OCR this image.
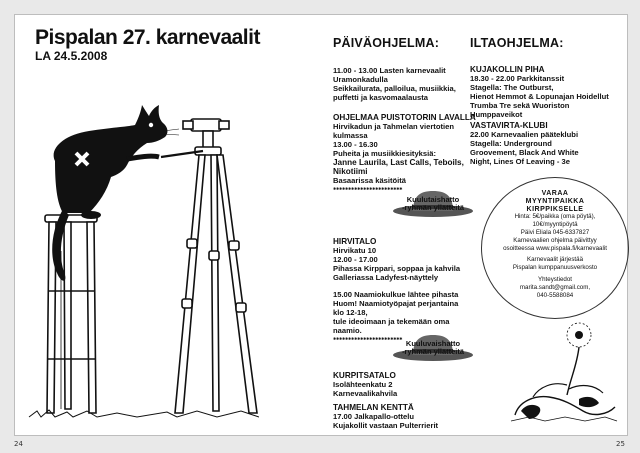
Pispalan 27. karnevaalit
LA 24.5.2008
PÄIVÄOHJELMA: ILTAOHJELMA:
11.00 - 13.00 Lasten karnevaalit
Uramonkadulla
Seikkailurata, palloilua, musiikkia,
puffetti ja kasvomaalausta
OHJELMAA PUISTOTORIN LAVALLA
Hirvikadun ja Tahmelan viertotien
kulmassa
13.00 - 16.30
Puheita ja musiikkiesityksiä:
Janne Laurila, Last Calls, Teboils,
Nikotiimi
Basaarissa käsitöitä
✱✱✱✱✱✱✱✱✱✱✱✱✱✱✱✱✱✱✱✱✱✱✱
Kuulutaishatto
-ryhmän yllätteitä
HIRVITALO
Hirvikatu 10
12.00 - 17.00
Pihassa Kirppari, soppaa ja kahvila
Galleriassa Ladyfest-näyttely
15.00 Naamiokulkue lähtee pihasta
Huom! Naamiotyöpajat perjantaina
klo 12-18,
tule ideoimaan ja tekemään oma
naamio.
✱✱✱✱✱✱✱✱✱✱✱✱✱✱✱✱✱✱✱✱✱✱✱ Kuuluvaishatto
-ryhmän yllätteitä
KURPITSATALO
Isolähteenkatu 2
Karnevaalikahvila
TAHMELAN KENTTÄ
17.00 Jalkapallo-ottelu
Kujakollit vastaan Pulterrierit
KUJAKOLLIN PIHA
18.30 - 22.00 Parkkitanssit
Stagella: The Outburst,
Hienot Hemmot & Lopunajan Hoidellut
Trumba Tre sekä Wuoriston
Humppaveikot
VASTAVIRTA-KLUBI
22.00 Karnevaalien pääteklubi
Stagella: Underground
Groovement, Black And White
Night, Lines Of Leaving - 3e
VARAA
MYYNTIPAIKKA
KIRPPIKSELLE
Hinta: 5€/paikka (oma pöytä),
10€/myyntipöytä
Päivi Eliala 045-6337827
Karnevaalien ohjelma päivittyy
osoitteessa www.pispala.fi/karnevaalit
Karnevaalit järjestää
Pispalan kumppanuusverkosto
Yhteystiedot
marita.sandt@gmail.com,
040-5588084
24	25
